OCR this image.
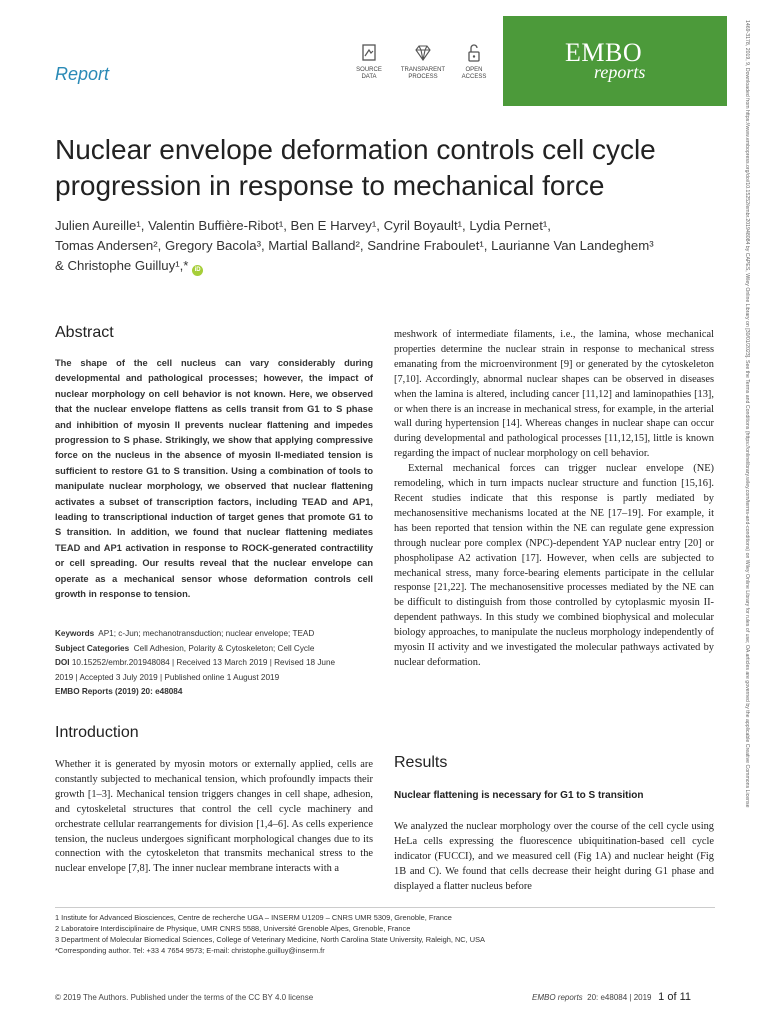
Report	SOURCE
DATA
TRANSPARENT
PROCESS
OPEN
ACCESS
EMBO
reports	1469-3178, 2019, 9, Downloaded from https://www.embopress.org/doi/10.15252/embr.201948084 by CAPES, Wiley Online Library on [30/01/2023]. See the Terms and Conditions (https://onlinelibrary.wiley.com/terms-and-conditions) on Wiley Online Library for rules of use; OA articles are governed by the applicable Creative Commons License
Nuclear envelope deformation controls cell cycle
progression in response to mechanical force
Julien Aureille¹, Valentin Buffière-Ribot¹, Ben E Harvey¹, Cyril Boyault¹, Lydia Pernet¹,
Tomas Andersen², Gregory Bacola³, Martial Balland², Sandrine Fraboulet¹, Laurianne Van Landeghem³
& Christophe Guilluy¹,* iD
Abstract
The shape of the cell nucleus can vary considerably during developmental and pathological processes; however, the impact of nuclear morphology on cell behavior is not known. Here, we observed that the nuclear envelope flattens as cells transit from G1 to S phase and inhibition of myosin II prevents nuclear flattening and impedes progression to S phase. Strikingly, we show that applying compressive force on the nucleus in the absence of myosin II-mediated tension is sufficient to restore G1 to S transition. Using a combination of tools to manipulate nuclear morphology, we observed that nuclear flattening activates a subset of transcription factors, including TEAD and AP1, leading to transcriptional induction of target genes that promote G1 to S transition. In addition, we found that nuclear flattening mediates TEAD and AP1 activation in response to ROCK-generated contractility or cell spreading. Our results reveal that the nuclear envelope can operate as a mechanical sensor whose deformation controls cell growth in response to tension.
Keywords AP1; c-Jun; mechanotransduction; nuclear envelope; TEAD
Subject Categories Cell Adhesion, Polarity & Cytoskeleton; Cell Cycle
DOI 10.15252/embr.201948084 | Received 13 March 2019 | Revised 18 June
2019 | Accepted 3 July 2019 | Published online 1 August 2019
EMBO Reports (2019) 20: e48084
Introduction

Whether it is generated by myosin motors or externally applied, cells are constantly subjected to mechanical tension, which profoundly impacts their growth [1–3]. Mechanical tension triggers changes in cell shape, adhesion, and cytoskeletal structures that control the cell cycle machinery and orchestrate cellular rearrangements for division [1,4–6]. As cells experience tension, the nucleus undergoes significant morphological changes due to its connection with the cytoskeleton that transmits mechanical stress to the nuclear envelope [7,8]. The inner nuclear membrane interacts with a

meshwork of intermediate filaments, i.e., the lamina, whose mechanical properties determine the nuclear strain in response to mechanical stress emanating from the microenvironment [9] or generated by the cytoskeleton [7,10]. Accordingly, abnormal nuclear shapes can be observed in diseases when the lamina is altered, including cancer [11,12] and laminopathies [13], or when there is an increase in mechanical stress, for example, in the arterial wall during hypertension [14]. Whereas changes in nuclear shape can occur during developmental and pathological processes [11,12,15], little is known regarding the impact of nuclear morphology on cell behavior.

External mechanical forces can trigger nuclear envelope (NE) remodeling, which in turn impacts nuclear structure and function [15,16]. Recent studies indicate that this response is partly mediated by mechanosensitive mechanisms located at the NE [17–19]. For example, it has been reported that tension within the NE can regulate gene expression through nuclear pore complex (NPC)-dependent YAP nuclear entry [20] or phospholipase A2 activation [17]. However, when cells are subjected to mechanical stress, many force-bearing elements participate in the cellular response [21,22]. The mechanosensitive processes mediated by the NE can be difficult to distinguish from those controlled by cytoplasmic myosin II-dependent pathways. In this study we combined biophysical and molecular biology approaches, to manipulate the nucleus morphology independently of myosin II activity and we investigated the molecular pathways activated by nuclear deformation.

Results
Nuclear flattening is necessary for G1 to S transition

We analyzed the nuclear morphology over the course of the cell cycle using HeLa cells expressing the fluorescence ubiquitination-based cell cycle indicator (FUCCI), and we measured cell (Fig 1A) and nuclear height (Fig 1B and C). We found that cells decrease their height during G1 phase and displayed a flatter nucleus before

1 Institute for Advanced Biosciences, Centre de recherche UGA – INSERM U1209 – CNRS UMR 5309, Grenoble, France
2 Laboratoire Interdisciplinaire de Physique, UMR CNRS 5588, Université Grenoble Alpes, Grenoble, France
3 Department of Molecular Biomedical Sciences, College of Veterinary Medicine, North Carolina State University, Raleigh, NC, USA
*Corresponding author. Tel: +33 4 7654 9573; E-mail: christophe.guilluy@inserm.fr
© 2019 The Authors. Published under the terms of the CC BY 4.0 license	EMBO reports 20: e48084 | 2019 1 of 11
